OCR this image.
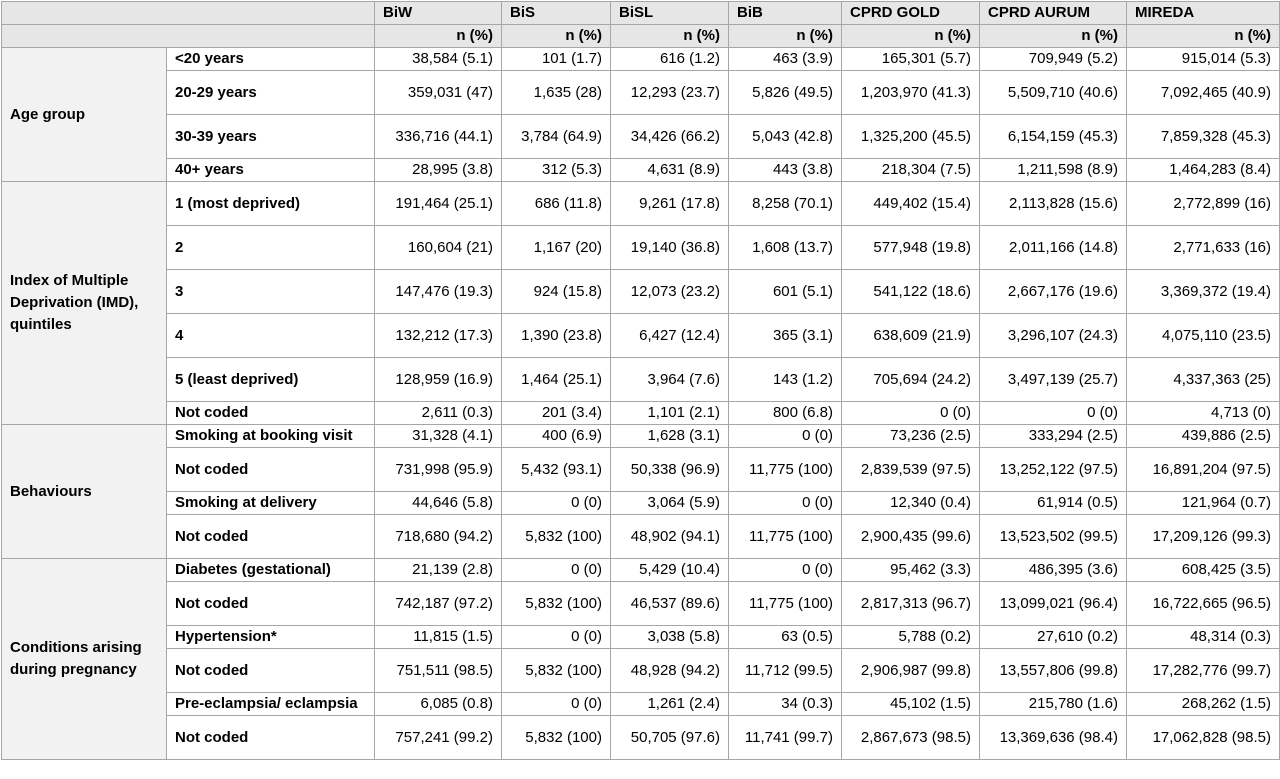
		BiW	BiS	BiSL	BiB	CPRD GOLD	CPRD AURUM	MIREDA
		n (%)	n (%)	n (%)	n (%)	n (%)	n (%)	n (%)
Age group	<20 years	38,584 (5.1)	101 (1.7)	616 (1.2)	463 (3.9)	165,301 (5.7)	709,949 (5.2)	915,014 (5.3)
	20-29 years	359,031 (47)	1,635 (28)	12,293 (23.7)	5,826 (49.5)	1,203,970 (41.3)	5,509,710 (40.6)	7,092,465 (40.9)
	30-39 years	336,716 (44.1)	3,784 (64.9)	34,426 (66.2)	5,043 (42.8)	1,325,200 (45.5)	6,154,159 (45.3)	7,859,328 (45.3)
	40+ years	28,995 (3.8)	312 (5.3)	4,631 (8.9)	443 (3.8)	218,304 (7.5)	1,211,598 (8.9)	1,464,283 (8.4)
Index of Multiple Deprivation (IMD), quintiles	1 (most deprived)	191,464 (25.1)	686 (11.8)	9,261 (17.8)	8,258 (70.1)	449,402 (15.4)	2,113,828 (15.6)	2,772,899 (16)
	2	160,604 (21)	1,167 (20)	19,140 (36.8)	1,608 (13.7)	577,948 (19.8)	2,011,166 (14.8)	2,771,633 (16)
	3	147,476 (19.3)	924 (15.8)	12,073 (23.2)	601 (5.1)	541,122 (18.6)	2,667,176 (19.6)	3,369,372 (19.4)
	4	132,212 (17.3)	1,390 (23.8)	6,427 (12.4)	365 (3.1)	638,609 (21.9)	3,296,107 (24.3)	4,075,110 (23.5)
	5 (least deprived)	128,959 (16.9)	1,464 (25.1)	3,964 (7.6)	143 (1.2)	705,694 (24.2)	3,497,139 (25.7)	4,337,363 (25)
	Not coded	2,611 (0.3)	201 (3.4)	1,101 (2.1)	800 (6.8)	0 (0)	0 (0)	4,713 (0)
Behaviours	Smoking at booking visit	31,328 (4.1)	400 (6.9)	1,628 (3.1)	0 (0)	73,236 (2.5)	333,294 (2.5)	439,886 (2.5)
	Not coded	731,998 (95.9)	5,432 (93.1)	50,338 (96.9)	11,775 (100)	2,839,539 (97.5)	13,252,122 (97.5)	16,891,204 (97.5)
	Smoking at delivery	44,646 (5.8)	0 (0)	3,064 (5.9)	0 (0)	12,340 (0.4)	61,914 (0.5)	121,964 (0.7)
	Not coded	718,680 (94.2)	5,832 (100)	48,902 (94.1)	11,775 (100)	2,900,435 (99.6)	13,523,502 (99.5)	17,209,126 (99.3)
Conditions arising during pregnancy	Diabetes (gestational)	21,139 (2.8)	0 (0)	5,429 (10.4)	0 (0)	95,462 (3.3)	486,395 (3.6)	608,425 (3.5)
	Not coded	742,187 (97.2)	5,832 (100)	46,537 (89.6)	11,775 (100)	2,817,313 (96.7)	13,099,021 (96.4)	16,722,665 (96.5)
	Hypertension*	11,815 (1.5)	0 (0)	3,038 (5.8)	63 (0.5)	5,788 (0.2)	27,610 (0.2)	48,314 (0.3)
	Not coded	751,511 (98.5)	5,832 (100)	48,928 (94.2)	11,712 (99.5)	2,906,987 (99.8)	13,557,806 (99.8)	17,282,776 (99.7)
	Pre-eclampsia/ eclampsia	6,085 (0.8)	0 (0)	1,261 (2.4)	34 (0.3)	45,102 (1.5)	215,780 (1.6)	268,262 (1.5)
	Not coded	757,241 (99.2)	5,832 (100)	50,705 (97.6)	11,741 (99.7)	2,867,673 (98.5)	13,369,636 (98.4)	17,062,828 (98.5)
